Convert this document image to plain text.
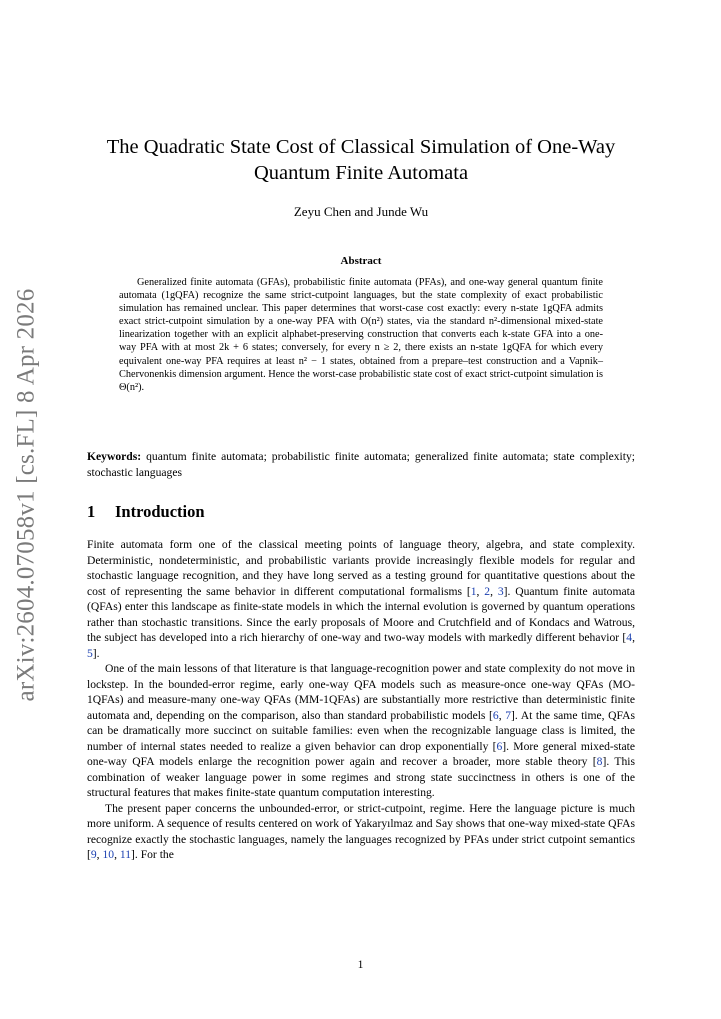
arXiv:2604.07058v1 [cs.FL] 8 Apr 2026
The Quadratic State Cost of Classical Simulation of One-Way Quantum Finite Automata
Zeyu Chen and Junde Wu
Abstract

Generalized finite automata (GFAs), probabilistic finite automata (PFAs), and one-way general quantum finite automata (1gQFA) recognize the same strict-cutpoint languages, but the state complexity of exact probabilistic simulation has remained unclear. This paper determines that worst-case cost exactly: every n-state 1gQFA admits exact strict-cutpoint simulation by a one-way PFA with O(n²) states, via the standard n²-dimensional mixed-state linearization together with an explicit alphabet-preserving construction that converts each k-state GFA into a one-way PFA with at most 2k + 6 states; conversely, for every n ≥ 2, there exists an n-state 1gQFA for which every equivalent one-way PFA requires at least n² − 1 states, obtained from a prepare–test construction and a Vapnik–Chervonenkis dimension argument. Hence the worst-case probabilistic state cost of exact strict-cutpoint simulation is Θ(n²).

Keywords: quantum finite automata; probabilistic finite automata; generalized finite automata; state complexity; stochastic languages

1 Introduction

Finite automata form one of the classical meeting points of language theory, algebra, and state complexity. Deterministic, nondeterministic, and probabilistic variants provide increasingly flexible models for regular and stochastic language recognition, and they have long served as a testing ground for quantitative questions about the cost of representing the same behavior in different computational formalisms [1, 2, 3]. Quantum finite automata (QFAs) enter this landscape as finite-state models in which the internal evolution is governed by quantum operations rather than stochastic transitions. Since the early proposals of Moore and Crutchfield and of Kondacs and Watrous, the subject has developed into a rich hierarchy of one-way and two-way models with markedly different behavior [4, 5].

One of the main lessons of that literature is that language-recognition power and state complexity do not move in lockstep. In the bounded-error regime, early one-way QFA models such as measure-once one-way QFAs (MO-1QFAs) and measure-many one-way QFAs (MM-1QFAs) are substantially more restrictive than deterministic finite automata and, depending on the comparison, also than standard probabilistic models [6, 7]. At the same time, QFAs can be dramatically more succinct on suitable families: even when the recognizable language class is limited, the number of internal states needed to realize a given behavior can drop exponentially [6]. More general mixed-state one-way QFA models enlarge the recognition power again and recover a broader, more stable theory [8]. This combination of weaker language power in some regimes and strong state succinctness in others is one of the structural features that makes finite-state quantum computation interesting.

The present paper concerns the unbounded-error, or strict-cutpoint, regime. Here the language picture is much more uniform. A sequence of results centered on work of Yakaryılmaz and Say shows that one-way mixed-state QFAs recognize exactly the stochastic languages, namely the languages recognized by PFAs under strict cutpoint semantics [9, 10, 11]. For the

1
